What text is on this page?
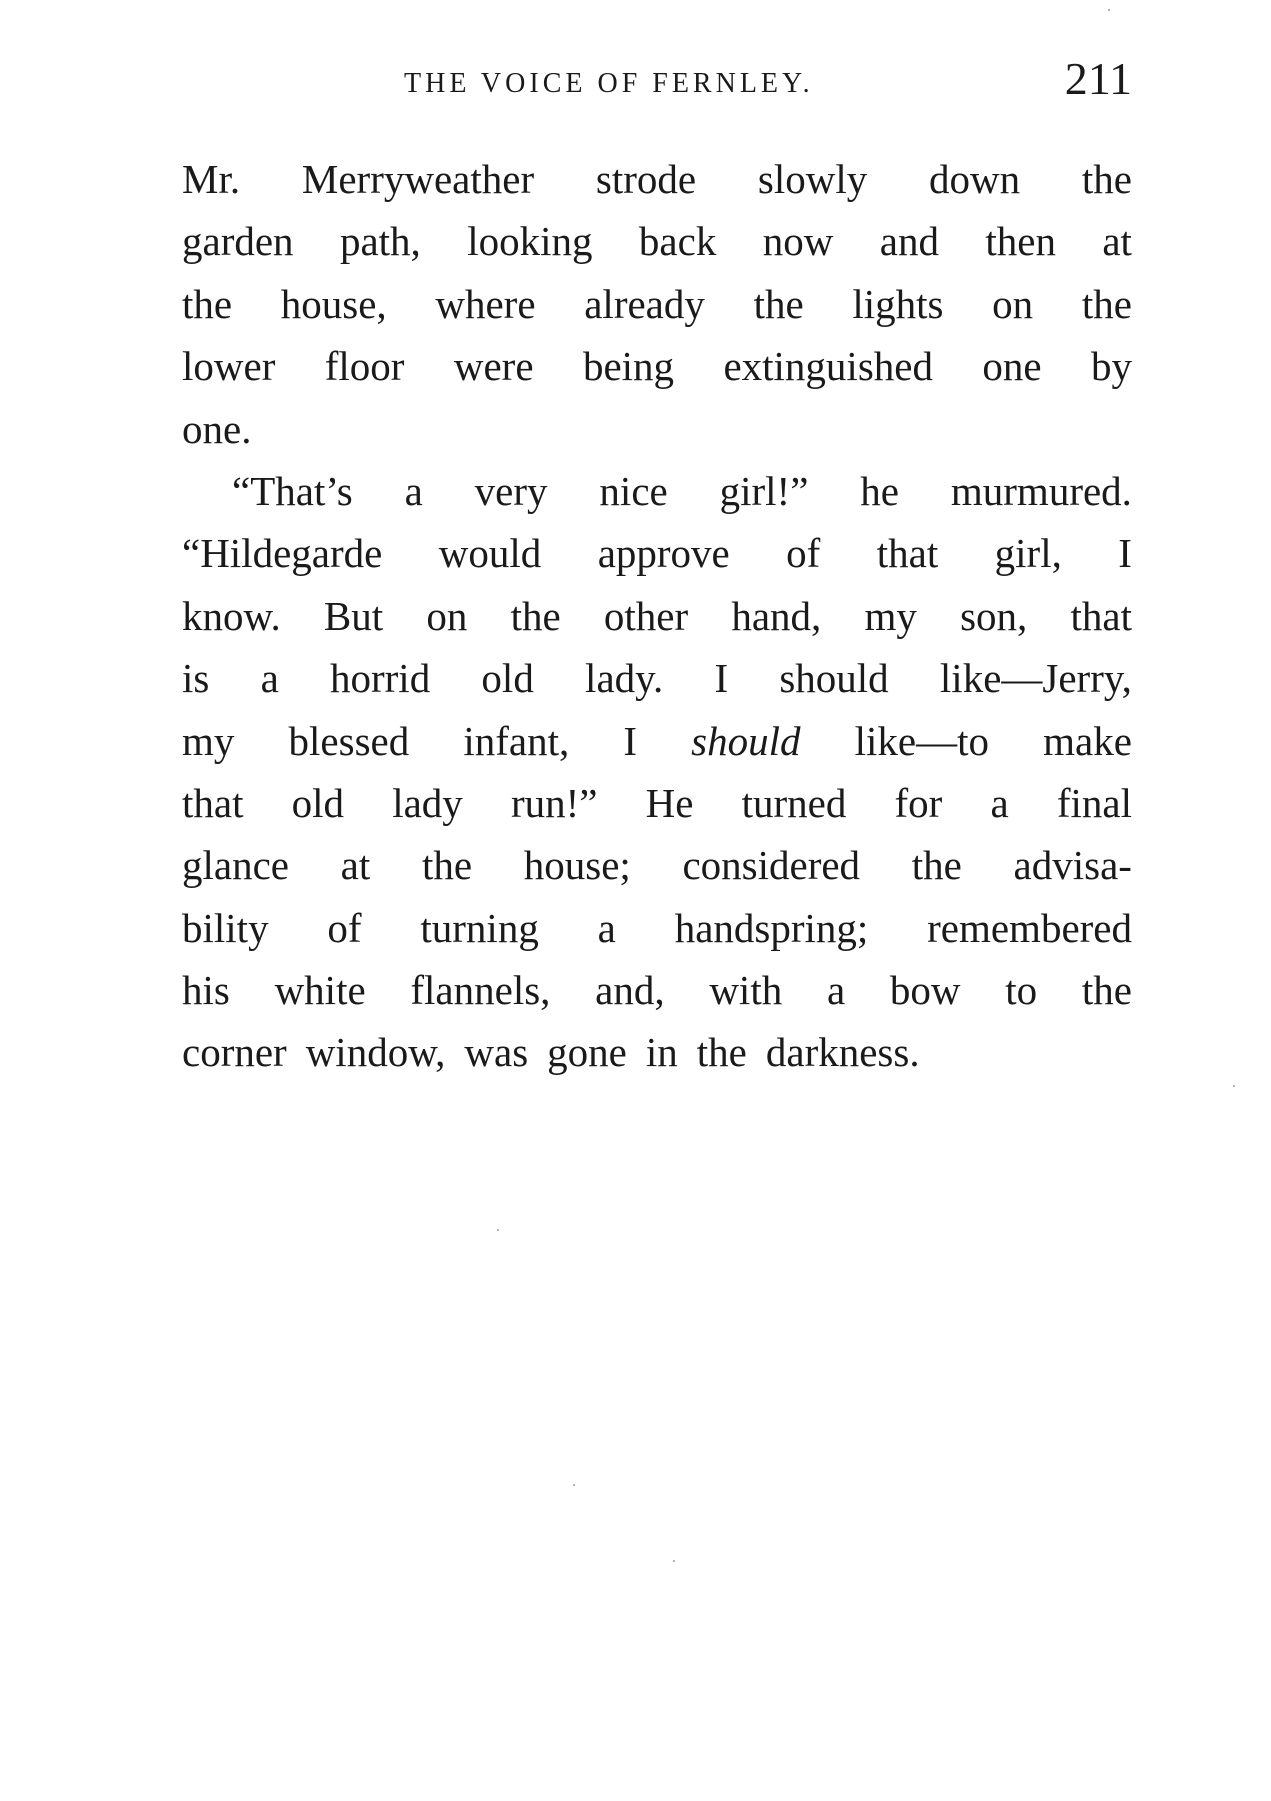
THE VOICE OF FERNLEY.	211
Mr. Merryweather strode slowly down the
garden path, looking back now and then at
the house, where already the lights on the
lower floor were being extinguished one by
one.
“That’s a very nice girl!” he murmured.
“Hildegarde would approve of that girl, I
know. But on the other hand, my son, that
is a horrid old lady. I should like—Jerry,
my blessed infant, I should like—to make
that old lady run!” He turned for a final
glance at the house; considered the advisa-
bility of turning a handspring; remembered
his white flannels, and, with a bow to the
corner window, was gone in the darkness.
